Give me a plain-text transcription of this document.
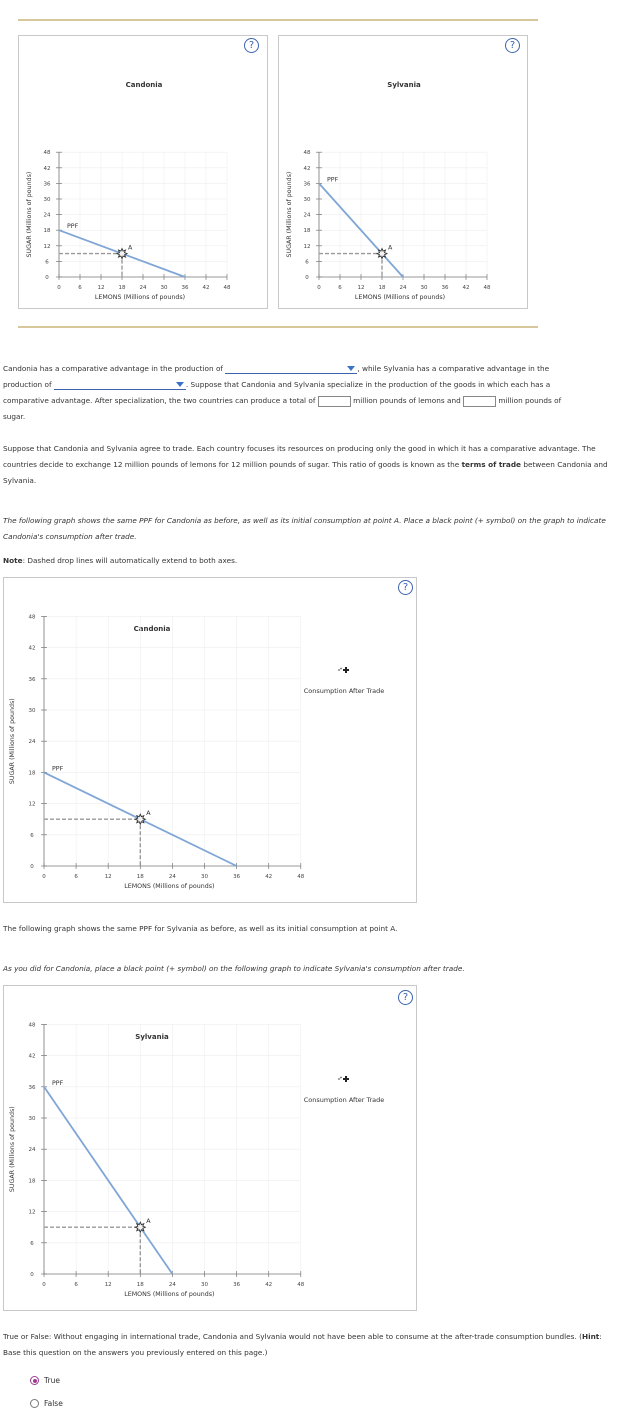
?
Candonia
0	6	12	18	24	30	36	42	48
0
6
12
18
24
30
36
42
48
LEMONS (Millions of pounds)
SUGAR (Millions of pounds)	PPF
A
?
Sylvania
0	6	12	18	24	30	36	42	48
0
6
12
18
24
30
36
42
48
LEMONS (Millions of pounds)
SUGAR (Millions of pounds)	PPF
A
Candonia has a comparative advantage in the production of	, while Sylvania has a comparative advantage in the
production of	. Suppose that Candonia and Sylvania specialize in the production of the goods in which each has a
comparative advantage. After specialization, the two countries can produce a total of	million pounds of lemons and	million pounds of
sugar.
Suppose that Candonia and Sylvania agree to trade. Each country focuses its resources on producing only the good in which it has a comparative advantage. The countries decide to exchange 12 million pounds of lemons for 12 million pounds of sugar. This ratio of goods is known as the terms of trade between Candonia and Sylvania.
The following graph shows the same PPF for Candonia as before, as well as its initial consumption at point A. Place a black point (+ symbol) on the graph to indicate Candonia's consumption after trade.
Note: Dashed drop lines will automatically extend to both axes.
?
Candonia
0	6	12	18	24	30	36	42	48
0
6
12
18
24
30
36
42
48
LEMONS (Millions of pounds)
SUGAR (Millions of pounds)	PPF
A
Consumption After Trade
The following graph shows the same PPF for Sylvania as before, as well as its initial consumption at point A.
As you did for Candonia, place a black point (+ symbol) on the following graph to indicate Sylvania's consumption after trade.
?
Sylvania
0	6	12	18	24	30	36	42	48
0
6
12
18
24
30
36
42
48
LEMONS (Millions of pounds)
SUGAR (Millions of pounds)
PPF
A
Consumption After Trade
True or False: Without engaging in international trade, Candonia and Sylvania would not have been able to consume at the after-trade consumption bundles. (Hint: Base this question on the answers you previously entered on this page.)
True
False
